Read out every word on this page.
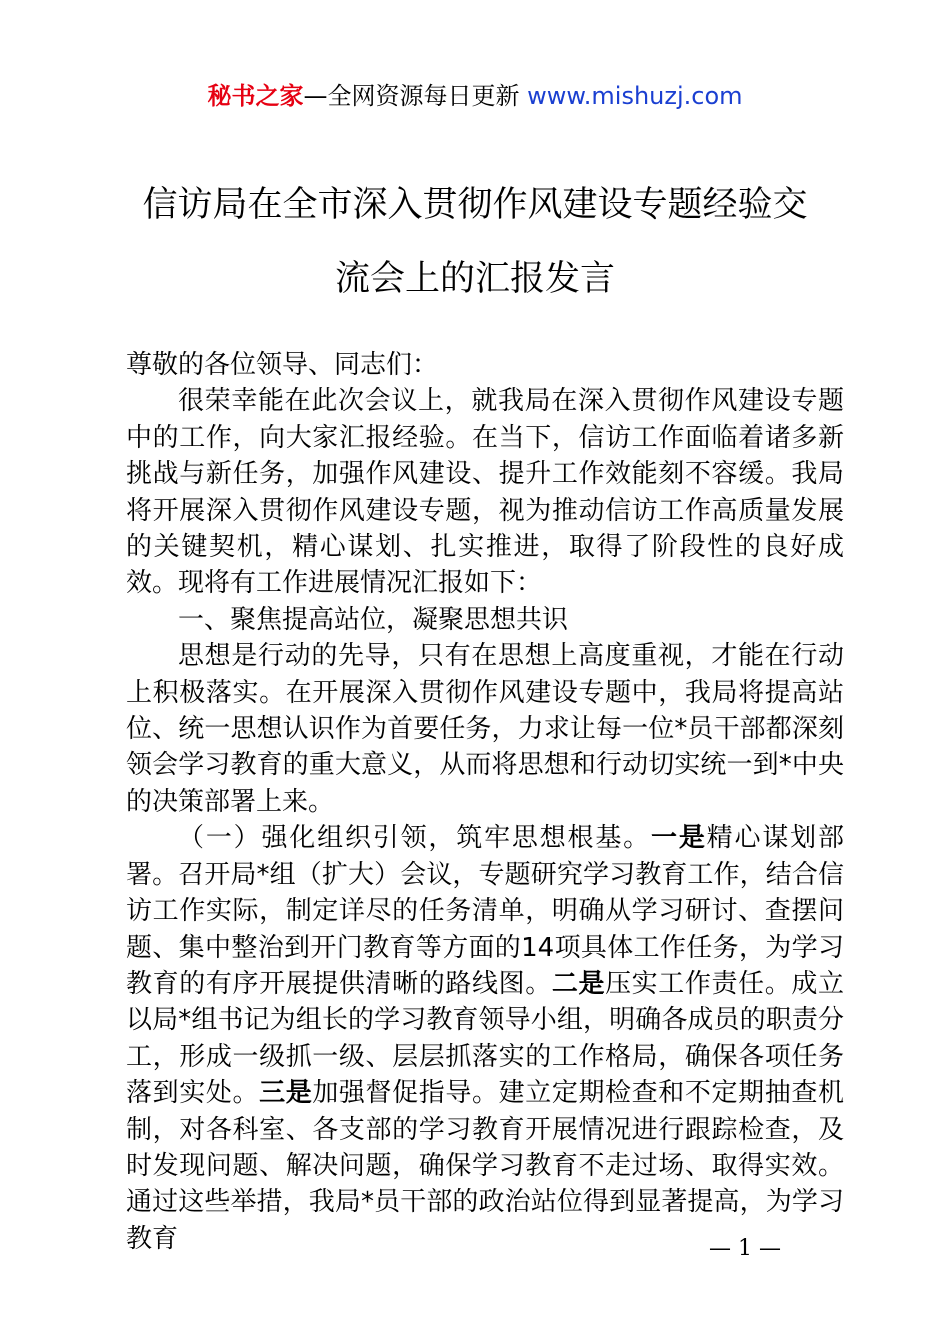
秘书之家—全网资源每日更新 www.mishuzj.com
信访局在全市深入贯彻作风建设专题经验交
流会上的汇报发言

尊敬的各位领导、同志们：

很荣幸能在此次会议上，就我局在深入贯彻作风建设专题中的工作，向大家汇报经验。在当下，信访工作面临着诸多新挑战与新任务，加强作风建设、提升工作效能刻不容缓。我局将开展深入贯彻作风建设专题，视为推动信访工作高质量发展的关键契机，精心谋划、扎实推进，取得了阶段性的良好成效。现将有工作进展情况汇报如下：

一、聚焦提高站位，凝聚思想共识

思想是行动的先导，只有在思想上高度重视，才能在行动上积极落实。在开展深入贯彻作风建设专题中，我局将提高站位、统一思想认识作为首要任务，力求让每一位*员干部都深刻领会学习教育的重大意义，从而将思想和行动切实统一到*中央的决策部署上来。

（一）强化组织引领，筑牢思想根基。一是精心谋划部署。召开局*组（扩大）会议，专题研究学习教育工作，结合信访工作实际，制定详尽的任务清单，明确从学习研讨、查摆问题、集中整治到开门教育等方面的14项具体工作任务，为学习教育的有序开展提供清晰的路线图。二是压实工作责任。成立以局*组书记为组长的学习教育领导小组，明确各成员的职责分工，形成一级抓一级、层层抓落实的工作格局，确保各项任务落到实处。三是加强督促指导。建立定期检查和不定期抽查机制，对各科室、各支部的学习教育开展情况进行跟踪检查，及时发现问题、解决问题，确保学习教育不走过场、取得实效。通过这些举措，我局*员干部的政治站位得到显著提高，为学习教育	— 1 —
